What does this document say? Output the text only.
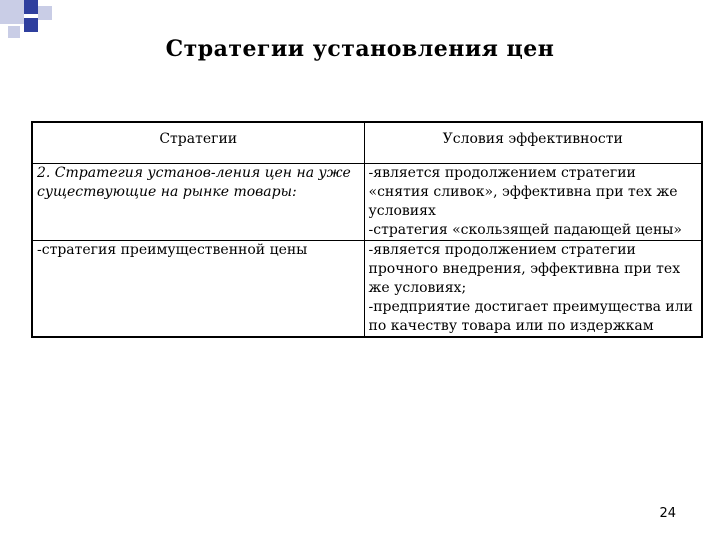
Стратегии установления цен
Стратегии	Условия эффективности
2. Стратегия установ-ления цен на уже существующие на рынке товары:	-является продолжением стратегии «снятия сливок», эффективна при тех же условиях
-стратегия «скользящей падающей цены»

-стратегия преимущественной цены	-является продолжением стратегии прочного внедрения, эффективна при тех же условиях;
-предприятие достигает преимущества или по качеству товара или по издержкам
24
